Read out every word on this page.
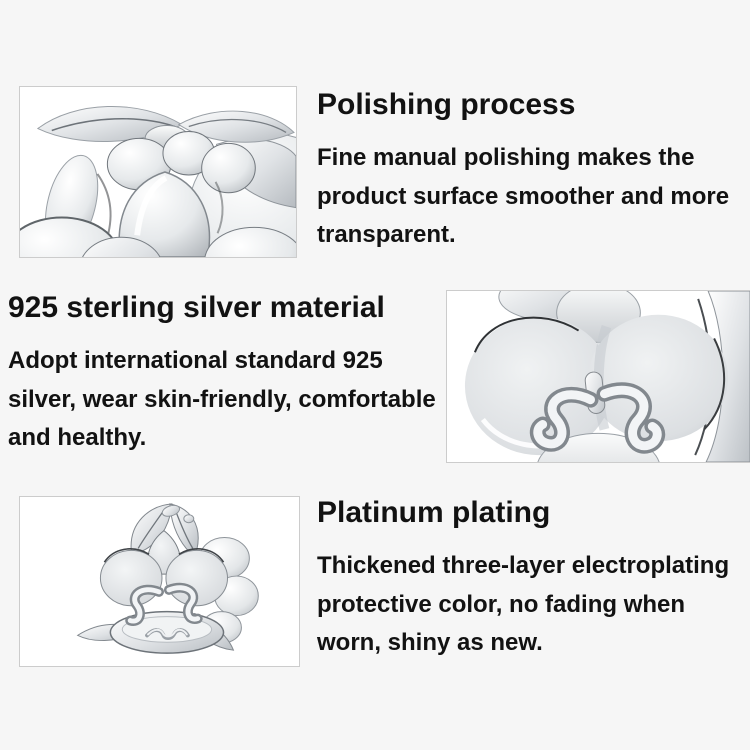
Polishing process
Fine manual polishing makes the
product surface smoother and more
transparent.
925 sterling silver material
Adopt international standard 925
silver, wear skin-friendly, comfortable
and healthy.
Platinum plating
Thickened three-layer electroplating
protective color, no fading when
worn, shiny as new.
